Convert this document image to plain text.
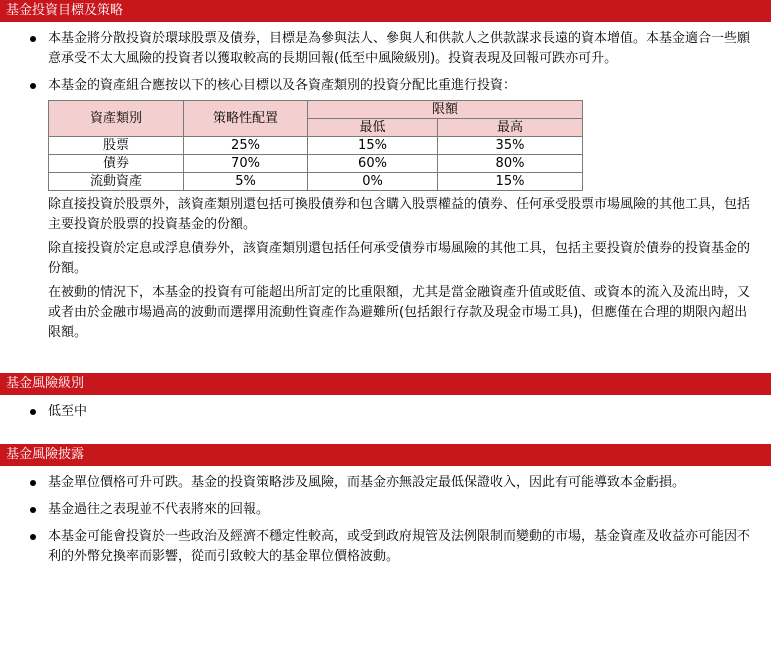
基金投資目標及策略
本基金將分散投資於環球股票及債券，目標是為參與法人、參與人和供款人之供款謀求長遠的資本增值。本基金適合一些願意承受不太大風險的投資者以獲取較高的長期回報(低至中風險級別)。投資表現及回報可跌亦可升。
本基金的資產組合應按以下的核心目標以及各資產類別的投資分配比重進行投資：
資產類別	策略性配置	限額	
		最低	最高
股票	25%	15%	35%
債券	70%	60%	80%
流動資產	5%	0%	15%
除直接投資於股票外，該資產類別還包括可換股債券和包含購入股票權益的債券、任何承受股票市場風險的其他工具，包括主要投資於股票的投資基金的份額。
除直接投資於定息或浮息債券外，該資產類別還包括任何承受債券市場風險的其他工具，包括主要投資於債券的投資基金的份額。
在被動的情況下，本基金的投資有可能超出所訂定的比重限額，尤其是當金融資產升值或貶值、或資本的流入及流出時，又或者由於金融市場過高的波動而選擇用流動性資產作為避難所(包括銀行存款及現金市場工具)，但應僅在合理的期限內超出限額。
基金風險級別
低至中
基金風險披露
基金單位價格可升可跌。基金的投資策略涉及風險，而基金亦無設定最低保證收入，因此有可能導致本金虧損。
基金過往之表現並不代表將來的回報。
本基金可能會投資於一些政治及經濟不穩定性較高，或受到政府規管及法例限制而變動的市場，基金資產及收益亦可能因不利的外幣兌換率而影響，從而引致較大的基金單位價格波動。
